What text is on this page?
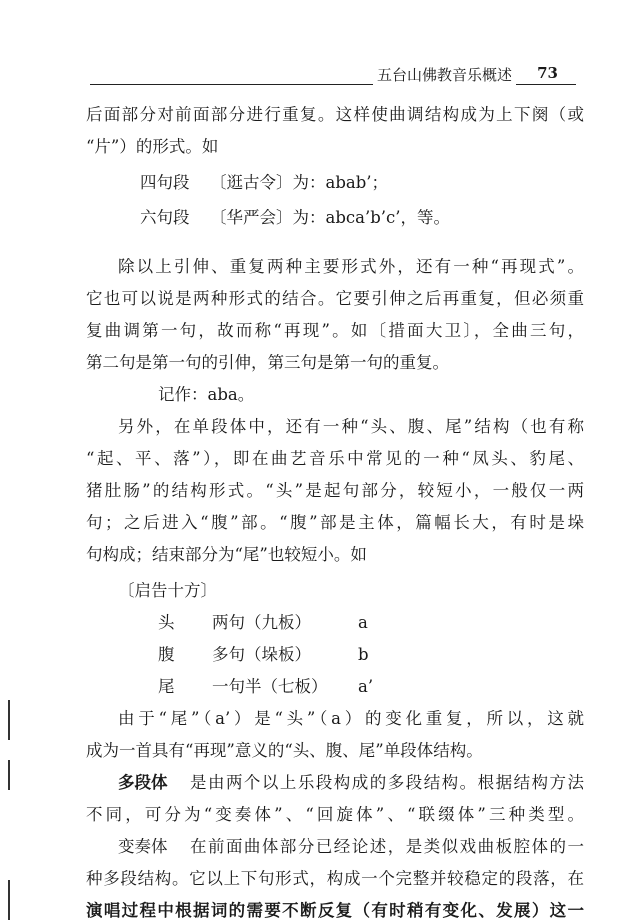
五台山佛教音乐概述 73
后面部分对前面部分进行重复。这样使曲调结构成为上下阕（或
“片”）的形式。如
四句段 〔逛古令〕为：abab’；
六句段 〔华严会〕为：abca’b’c’，等。
除以上引伸、重复两种主要形式外，还有一种“再现式”。
它也可以说是两种形式的结合。它要引伸之后再重复，但必须重
复曲调第一句，故而称“再现”。如〔措面大卫〕，全曲三句，
第二句是第一句的引伸，第三句是第一句的重复。
记作：aba。
另外，在单段体中，还有一种“头、腹、尾”结构（也有称
“起、平、落”），即在曲艺音乐中常见的一种“凤头、豹尾、
猪肚肠”的结构形式。“头”是起句部分，较短小，一般仅一两
句；之后进入“腹”部。“腹”部是主体，篇幅长大，有时是垛
句构成；结束部分为“尾”也较短小。如
〔启告十方〕
头 两句（九板）	a
腹 多句（垛板）	b
尾 一句半（七板） a’
由于“尾”（a’）是“头”（a）的变化重复，所以，这就
成为一首具有“再现”意义的“头、腹、尾”单段体结构。
多段体 是由两个以上乐段构成的多段结构。根据结构方法
不同，可分为“变奏体”、“回旋体”、“联缀体”三种类型。
变奏体 在前面曲体部分已经论述，是类似戏曲板腔体的一
种多段结构。它以上下句形式，构成一个完整并较稳定的段落，在
演唱过程中根据词的需要不断反复（有时稍有变化、发展）这一
